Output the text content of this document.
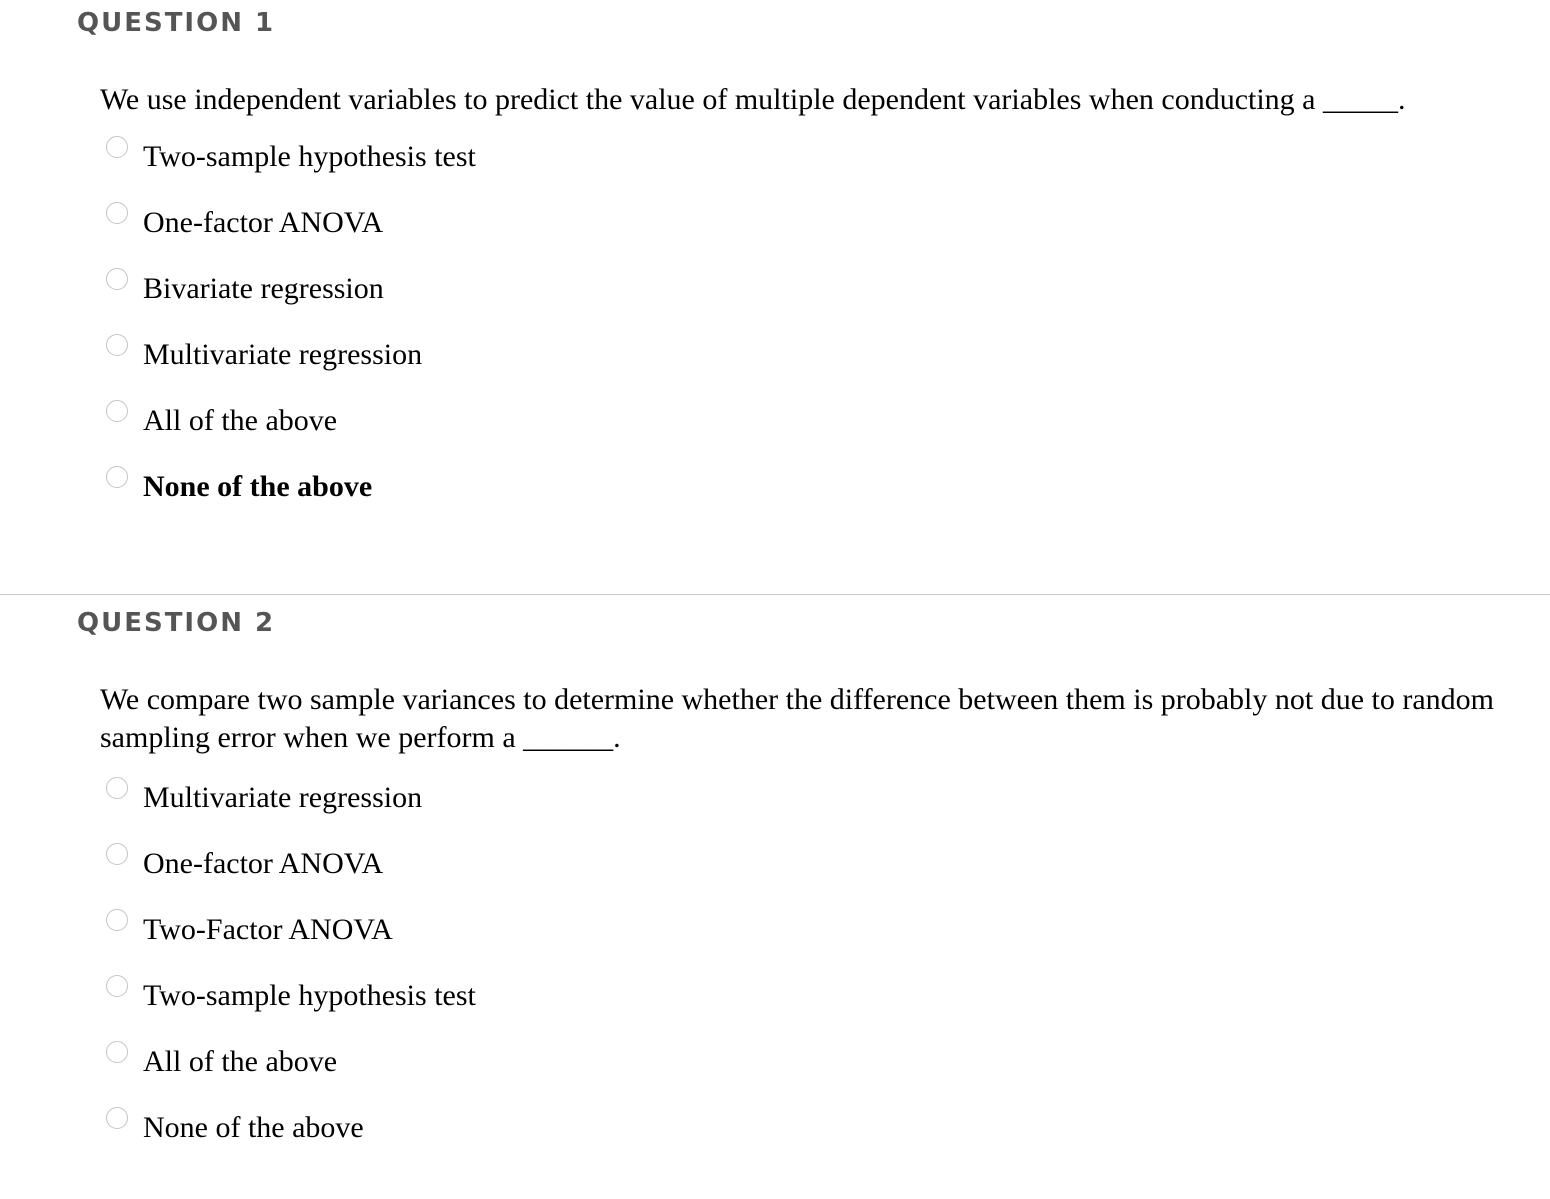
QUESTION 1

We use independent variables to predict the value of multiple dependent variables when conducting a _____.

Two-sample hypothesis test
One-factor ANOVA
Bivariate regression
Multivariate regression
All of the above
None of the above
QUESTION 2

We compare two sample variances to determine whether the difference between them is probably not due to random sampling error when we perform a ______.

Multivariate regression
One-factor ANOVA
Two-Factor ANOVA
Two-sample hypothesis test
All of the above
None of the above
